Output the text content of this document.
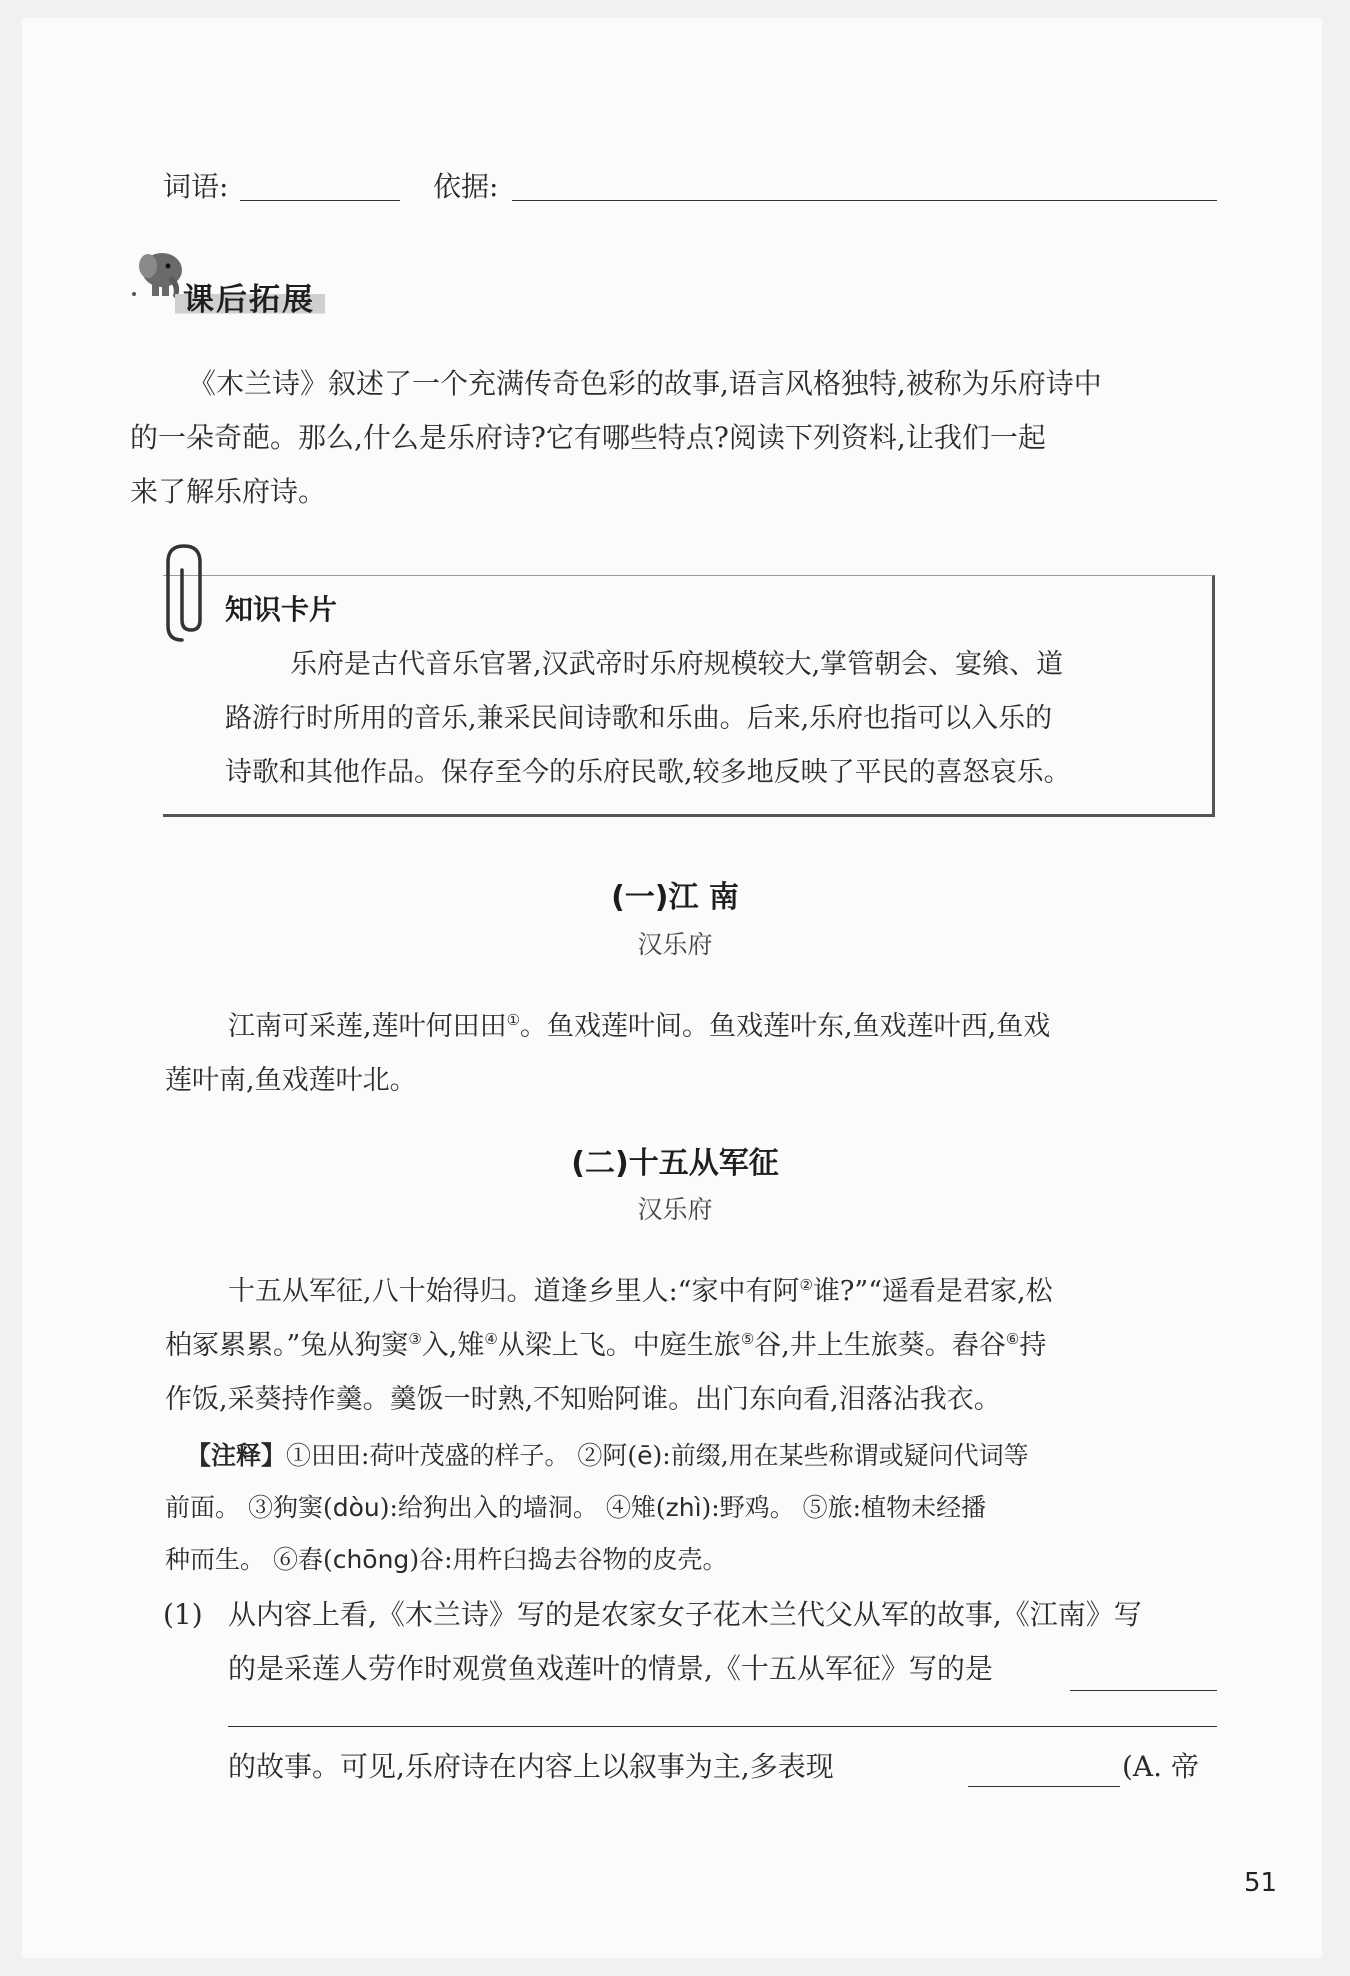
词语:	依据:
课后拓展
《木兰诗》叙述了一个充满传奇色彩的故事,语言风格独特,被称为乐府诗中
的一朵奇葩。那么,什么是乐府诗?它有哪些特点?阅读下列资料,让我们一起
来了解乐府诗。
知识卡片
乐府是古代音乐官署,汉武帝时乐府规模较大,掌管朝会、宴飨、道
路游行时所用的音乐,兼采民间诗歌和乐曲。后来,乐府也指可以入乐的
诗歌和其他作品。保存至今的乐府民歌,较多地反映了平民的喜怒哀乐。
(一)江 南
汉乐府
江南可采莲,莲叶何田田①。鱼戏莲叶间。鱼戏莲叶东,鱼戏莲叶西,鱼戏
莲叶南,鱼戏莲叶北。
(二)十五从军征
汉乐府
十五从军征,八十始得归。道逢乡里人:“家中有阿②谁?”“遥看是君家,松
柏冢累累。”兔从狗窦③入,雉④从梁上飞。中庭生旅⑤谷,井上生旅葵。舂谷⑥持
作饭,采葵持作羹。羹饭一时熟,不知贻阿谁。出门东向看,泪落沾我衣。
【注释】①田田:荷叶茂盛的样子。 ②阿(ē):前缀,用在某些称谓或疑问代词等
前面。 ③狗窦(dòu):给狗出入的墙洞。 ④雉(zhì):野鸡。 ⑤旅:植物未经播
种而生。 ⑥舂(chōng)谷:用杵臼捣去谷物的皮壳。
(1) 从内容上看,《木兰诗》写的是农家女子花木兰代父从军的故事,《江南》写
的是采莲人劳作时观赏鱼戏莲叶的情景,《十五从军征》写的是
的故事。可见,乐府诗在内容上以叙事为主,多表现	(A. 帝
51
